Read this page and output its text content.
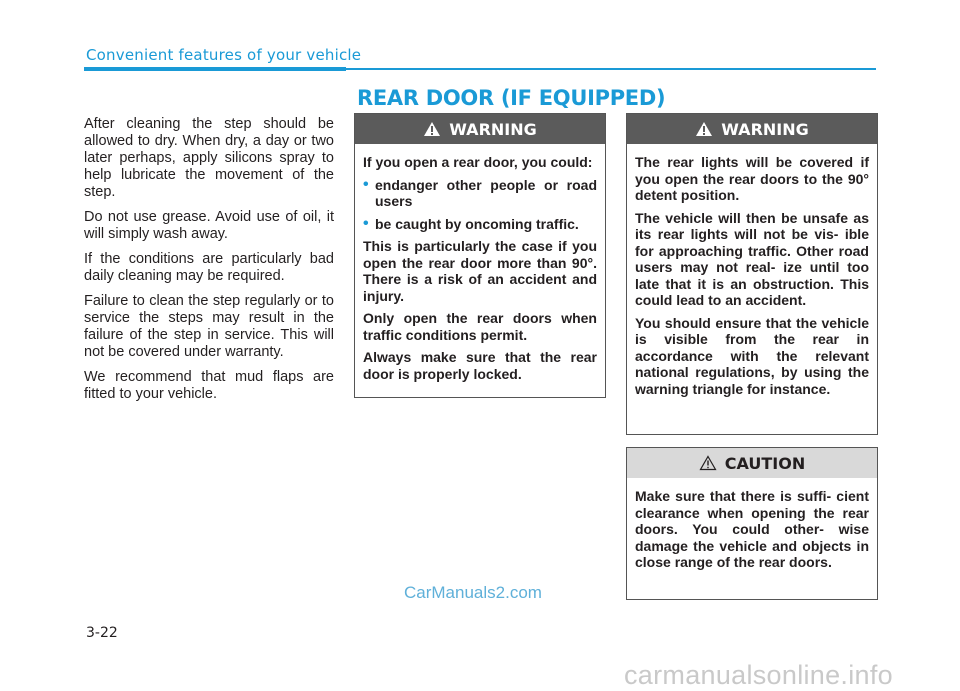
Convenient features of your vehicle

After cleaning the step should be allowed to dry. When dry, a day or two later perhaps, apply silicons spray to help lubricate the movement of the step.

Do not use grease. Avoid use of oil, it will simply wash away.

If the conditions are particularly bad daily cleaning may be required.

Failure to clean the step regularly or to service the steps may result in the failure of the step in service. This will not be covered under warranty.

We recommend that mud flaps are fitted to your vehicle.

REAR DOOR (IF EQUIPPED)
WARNING

If you open a rear door, you could:

• endanger other people or road users
• be caught by oncoming traffic.

This is particularly the case if you open the rear door more than 90°. There is a risk of an accident and injury.

Only open the rear doors when traffic conditions permit.

Always make sure that the rear door is properly locked.

WARNING

The rear lights will be covered if you open the rear doors to the 90° detent position.

The vehicle will then be unsafe as its rear lights will not be vis- ible for approaching traffic. Other road users may not real- ize until too late that it is an obstruction. This could lead to an accident.

You should ensure that the vehicle is visible from the rear in accordance with the relevant national regulations, by using the warning triangle for instance.

CAUTION

Make sure that there is suffi- cient clearance when opening the rear doors. You could other- wise damage the vehicle and objects in close range of the rear doors.

3-22
CarManuals2.com
carmanualsonline.info
